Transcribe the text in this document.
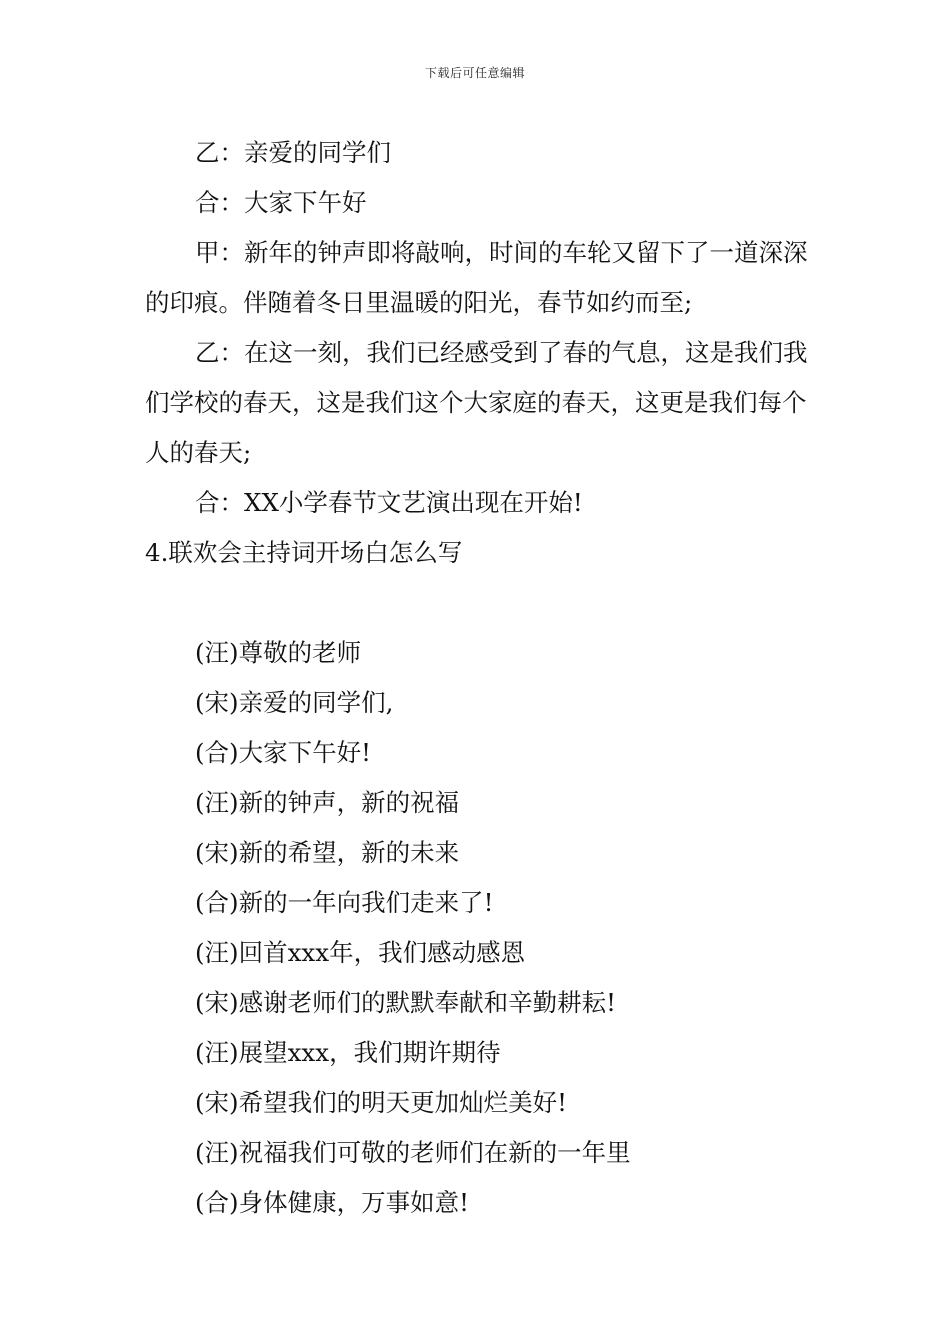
下载后可任意编辑

乙：亲爱的同学们

合：大家下午好

甲：新年的钟声即将敲响，时间的车轮又留下了一道深深的印痕。伴随着冬日里温暖的阳光，春节如约而至;

乙：在这一刻，我们已经感受到了春的气息，这是我们我们学校的春天，这是我们这个大家庭的春天，这更是我们每个人的春天;

合：XX小学春节文艺演出现在开始!

4.联欢会主持词开场白怎么写

(汪)尊敬的老师

(宋)亲爱的同学们,

(合)大家下午好!

(汪)新的钟声，新的祝福

(宋)新的希望，新的未来

(合)新的一年向我们走来了!

(汪)回首xxx年，我们感动感恩

(宋)感谢老师们的默默奉献和辛勤耕耘!

(汪)展望xxx，我们期许期待

(宋)希望我们的明天更加灿烂美好!

(汪)祝福我们可敬的老师们在新的一年里

(合)身体健康，万事如意!
